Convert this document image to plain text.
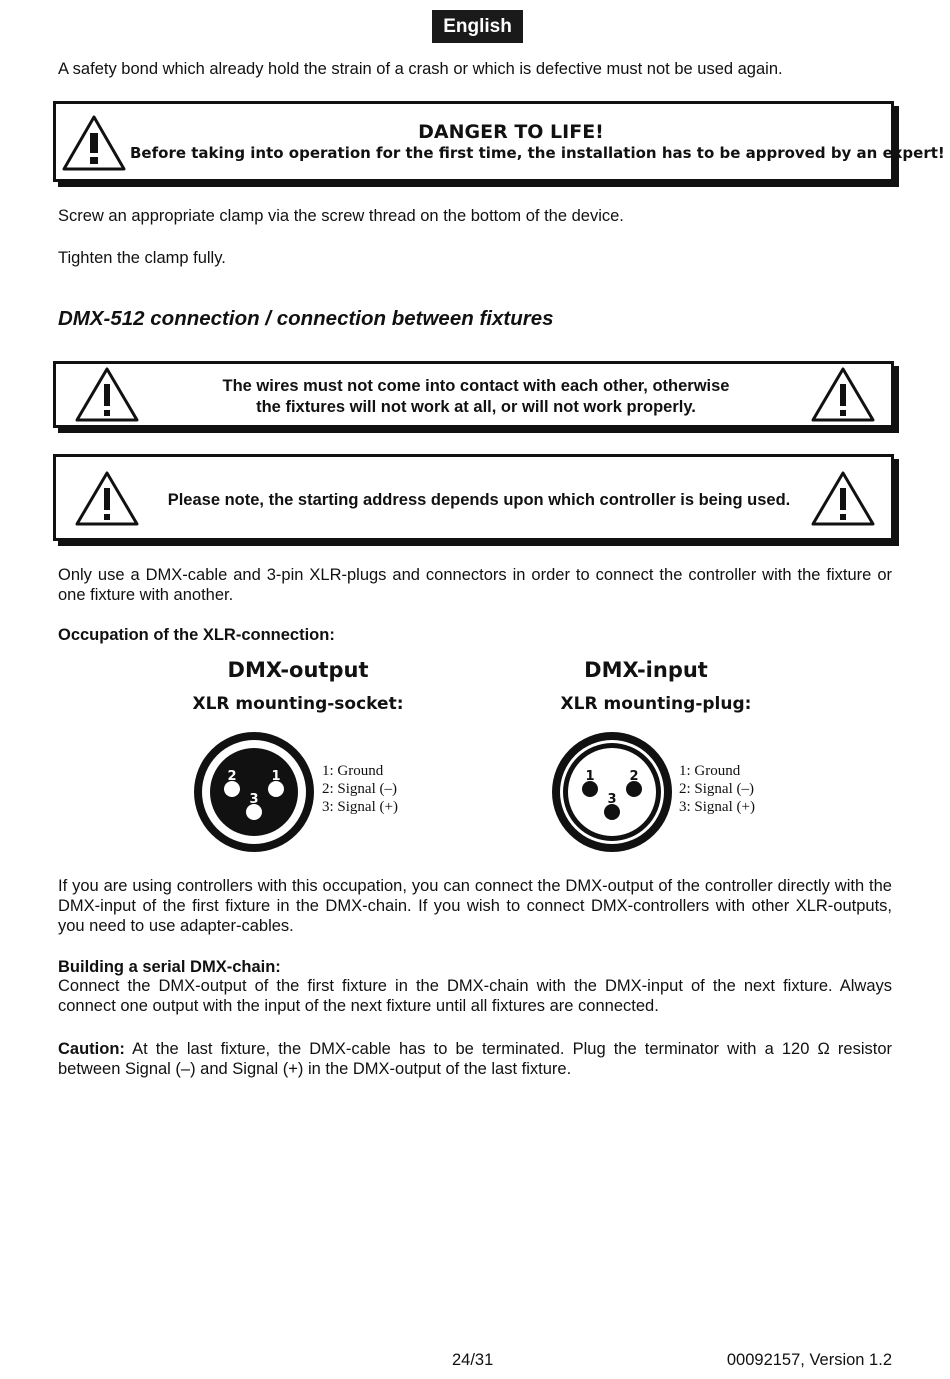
English
A safety bond which already hold the strain of a crash or which is defective must not be used again.
DANGER TO LIFE!
Before taking into operation for the first time, the installation has to be approved by an expert!
Screw an appropriate clamp via the screw thread on the bottom of the device.
Tighten the clamp fully.
DMX-512 connection / connection between fixtures
The wires must not come into contact with each other, otherwise
the fixtures will not work at all, or will not work properly.
Please note, the starting address depends upon which controller is being used.
Only use a DMX-cable and 3-pin XLR-plugs and connectors in order to connect the controller with the fixture or one fixture with another.
Occupation of the XLR-connection:
DMX-output
XLR mounting-socket:
2	1
3
1: Ground
2: Signal (–)
3: Signal (+)
DMX-input
XLR mounting-plug:
1	2
3
1: Ground
2: Signal (–)
3: Signal (+)
If you are using controllers with this occupation, you can connect the DMX-output of the controller directly with the DMX-input of the first fixture in the DMX-chain. If you wish to connect DMX-controllers with other XLR-outputs, you need to use adapter-cables.
Building a serial DMX-chain:
Connect the DMX-output of the first fixture in the DMX-chain with the DMX-input of the next fixture. Always connect one output with the input of the next fixture until all fixtures are connected.
Caution: At the last fixture, the DMX-cable has to be terminated. Plug the terminator with a 120 Ω resistor between Signal (–) and Signal (+) in the DMX-output of the last fixture.
24/31	00092157, Version 1.2
